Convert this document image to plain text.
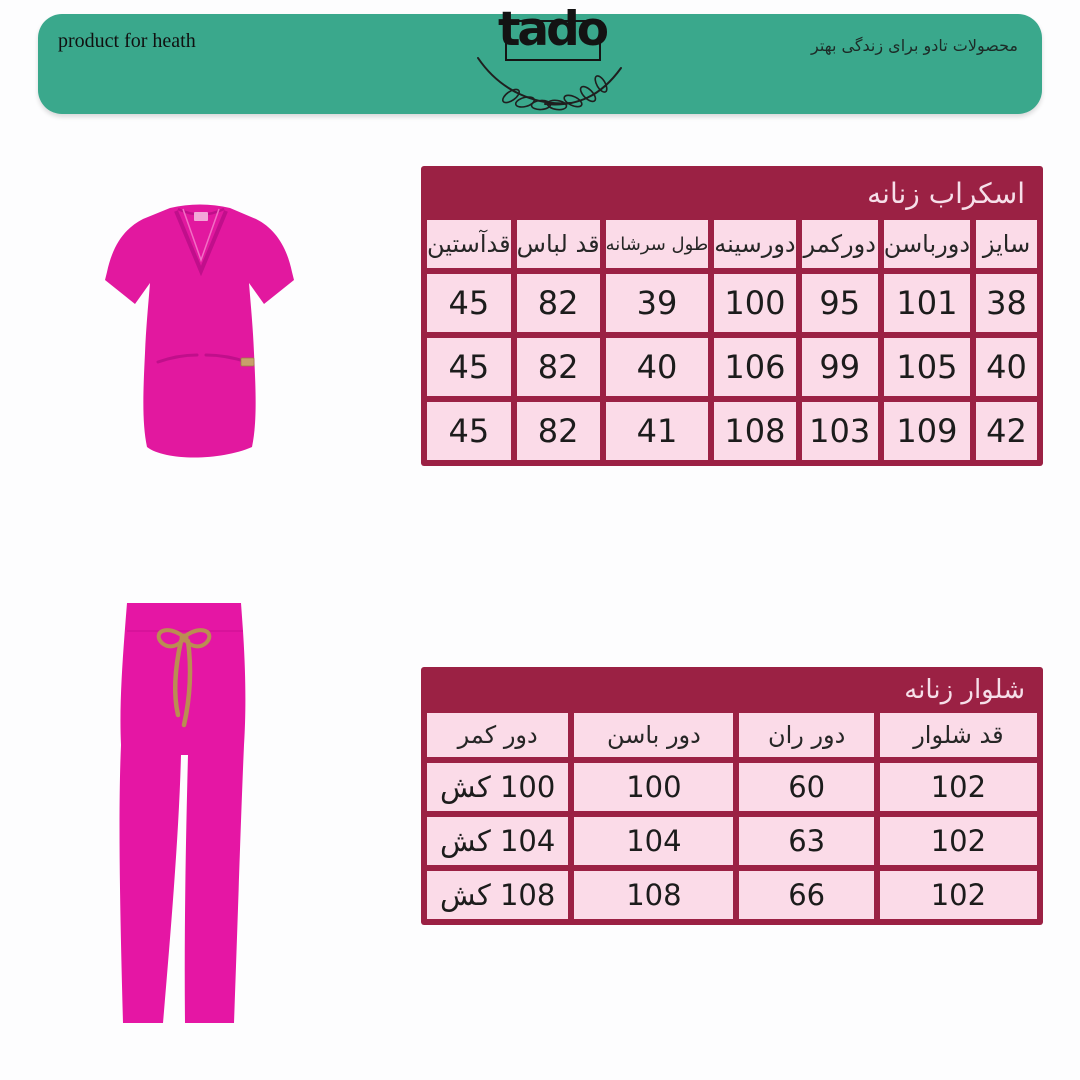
product for heath	محصولات تادو برای زندگی بهتر
tado
اسکراب زنانه
سایز
دورباسن
دورکمر
دورسینه
طول سرشانه
قد لباس
قدآستین
38
101
95
100
39
82
45
40
105
99
106
40
82
45
42
109
103
108
41
82
45
شلوار زنانه
قد شلوار
دور ران
دور باسن
دور کمر
102
60
100
100 کش
102
63
104
104 کش
102
66
108
108 کش
